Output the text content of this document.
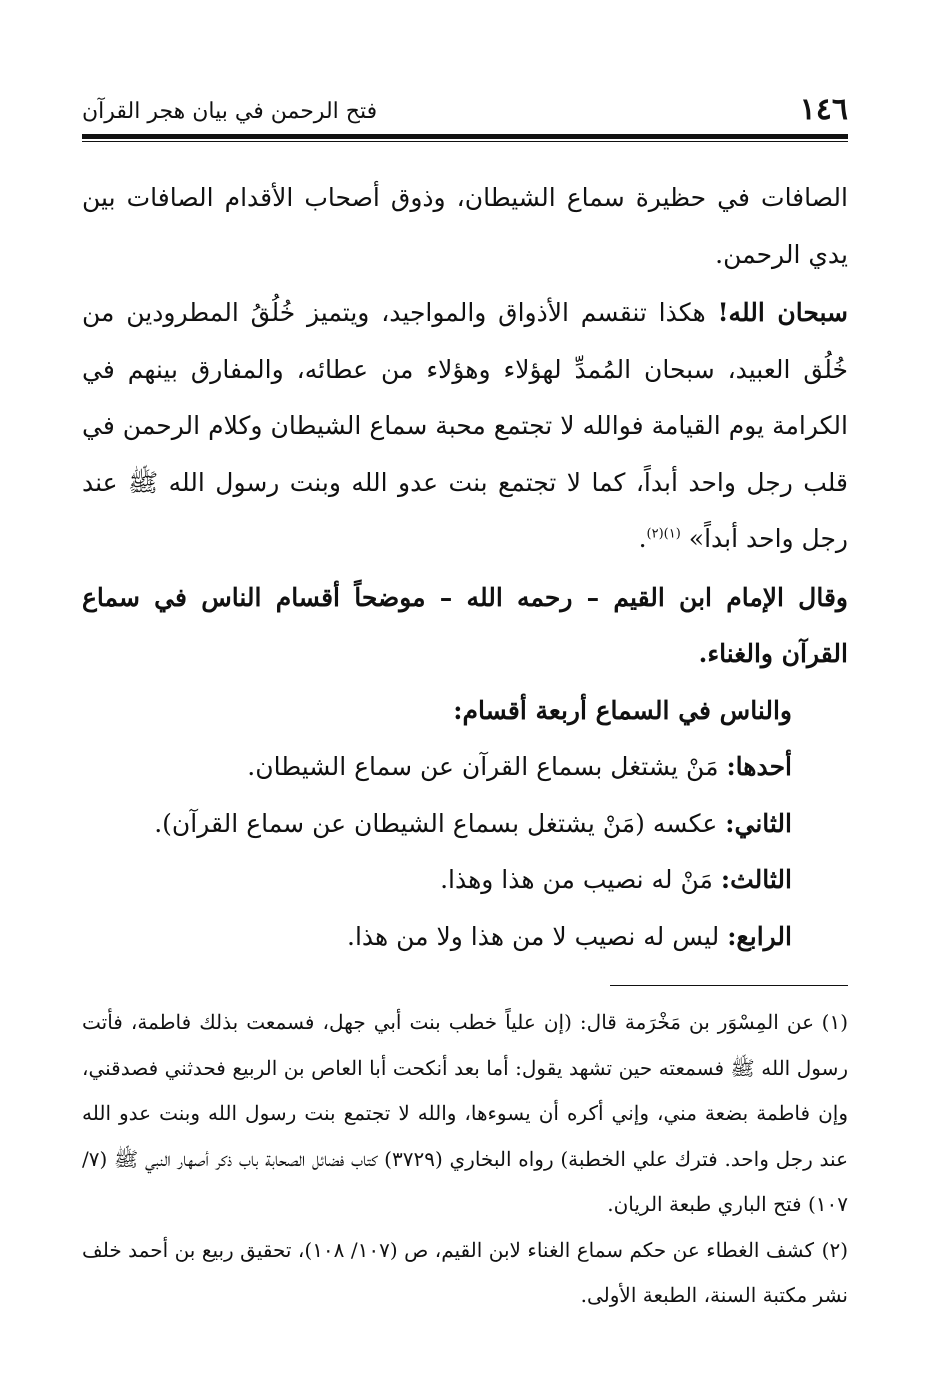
١٤٦
فتح الرحمن في بيان هجر القرآن

الصافات في حظيرة سماع الشيطان، وذوق أصحاب الأقدام الصافات بين يدي الرحمن.

سبحان الله! هكذا تنقسم الأذواق والمواجيد، ويتميز خُلُقُ المطرودين من خُلُق العبيد، سبحان المُمدِّ لهؤلاء وهؤلاء من عطائه، والمفارق بينهم في الكرامة يوم القيامة فوالله لا تجتمع محبة سماع الشيطان وكلام الرحمن في قلب رجل واحد أبداً، كما لا تجتمع بنت عدو الله وبنت رسول الله ﷺ عند رجل واحد أبداً» $^{(١)(٢)}$.

وقال الإمام ابن القيم – رحمه الله – موضحاً أقسام الناس في سماع القرآن والغناء.

والناس في السماع أربعة أقسام:

أحدها: مَنْ يشتغل بسماع القرآن عن سماع الشيطان.

الثاني: عكسه (مَنْ يشتغل بسماع الشيطان عن سماع القرآن).

الثالث: مَنْ له نصيب من هذا وهذا.

الرابع: ليس له نصيب لا من هذا ولا من هذا.

(١)عن المِسْوَر بن مَخْرَمة قال: (إن علياً خطب بنت أبي جهل، فسمعت بذلك فاطمة، فأتت رسول الله ﷺ فسمعته حين تشهد يقول: أما بعد أنكحت أبا العاص بن الربيع فحدثني فصدقني، وإن فاطمة بضعة مني، وإني أكره أن يسوءها، والله لا تجتمع بنت رسول الله وبنت عدو الله عند رجل واحد. فترك علي الخطبة) رواه البخاري (٣٧٢٩) كتاب فضائل الصحابة باب ذكر أصهار النبي ﷺ (٧/ ١٠٧) فتح الباري طبعة الريان.

(٢)كشف الغطاء عن حكم سماع الغناء لابن القيم، ص (١٠٧/ ١٠٨)، تحقيق ربيع بن أحمد خلف نشر مكتبة السنة، الطبعة الأولى.
